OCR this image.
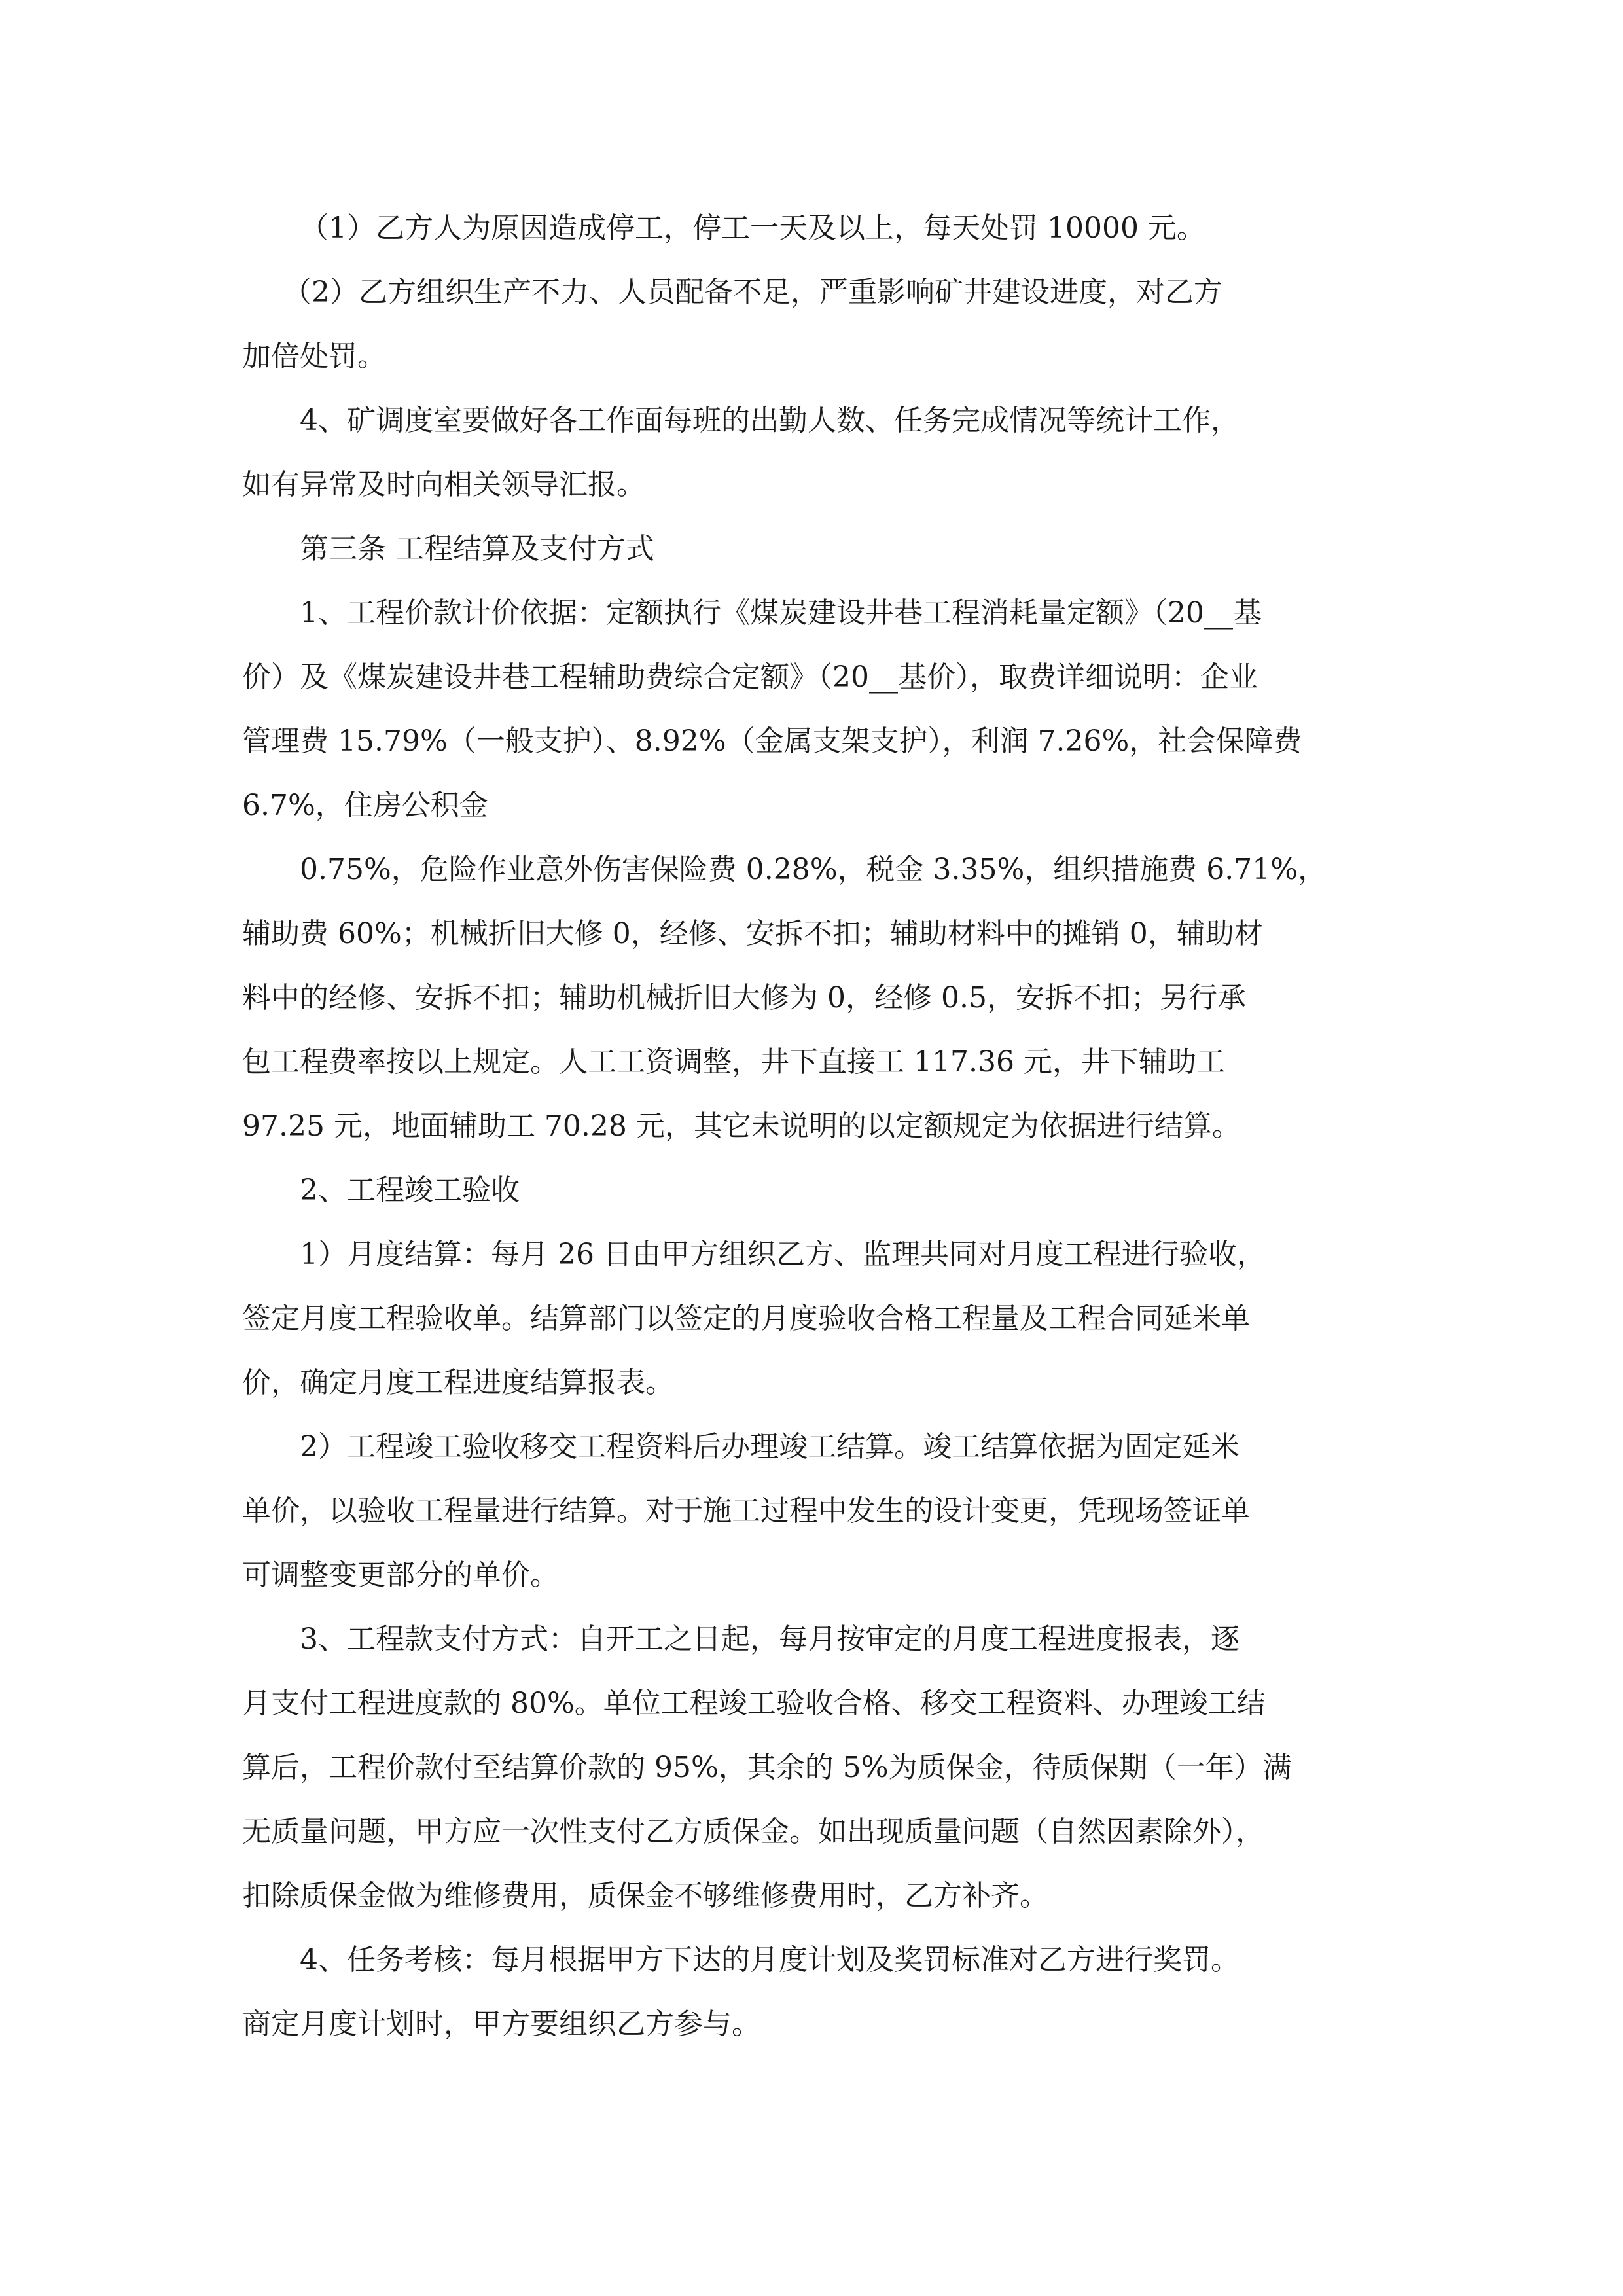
（1）乙方人为原因造成停工，停工一天及以上，每天处罚 10000 元。

（2）乙方组织生产不力、人员配备不足，严重影响矿井建设进度，对乙方
加倍处罚。

4、矿调度室要做好各工作面每班的出勤人数、任务完成情况等统计工作，
如有异常及时向相关领导汇报。

第三条 工程结算及支付方式

1、工程价款计价依据：定额执行《煤炭建设井巷工程消耗量定额》（20__基
价）及《煤炭建设井巷工程辅助费综合定额》（20__基价），取费详细说明：企业
管理费 15.79%（一般支护）、8.92%（金属支架支护），利润 7.26%，社会保障费
6.7%，住房公积金

0.75%，危险作业意外伤害保险费 0.28%，税金 3.35%，组织措施费 6.71%，
辅助费 60%；机械折旧大修 0，经修、安拆不扣；辅助材料中的摊销 0，辅助材
料中的经修、安拆不扣；辅助机械折旧大修为 0，经修 0.5，安拆不扣；另行承
包工程费率按以上规定。人工工资调整，井下直接工 117.36 元，井下辅助工
97.25 元，地面辅助工 70.28 元，其它未说明的以定额规定为依据进行结算。

2、工程竣工验收

1）月度结算：每月 26 日由甲方组织乙方、监理共同对月度工程进行验收，
签定月度工程验收单。结算部门以签定的月度验收合格工程量及工程合同延米单
价，确定月度工程进度结算报表。

2）工程竣工验收移交工程资料后办理竣工结算。竣工结算依据为固定延米
单价，以验收工程量进行结算。对于施工过程中发生的设计变更，凭现场签证单
可调整变更部分的单价。

3、工程款支付方式：自开工之日起，每月按审定的月度工程进度报表，逐
月支付工程进度款的 80%。单位工程竣工验收合格、移交工程资料、办理竣工结
算后，工程价款付至结算价款的 95%，其余的 5%为质保金，待质保期（一年）满
无质量问题，甲方应一次性支付乙方质保金。如出现质量问题（自然因素除外），
扣除质保金做为维修费用，质保金不够维修费用时，乙方补齐。

4、任务考核：每月根据甲方下达的月度计划及奖罚标准对乙方进行奖罚。
商定月度计划时，甲方要组织乙方参与。
